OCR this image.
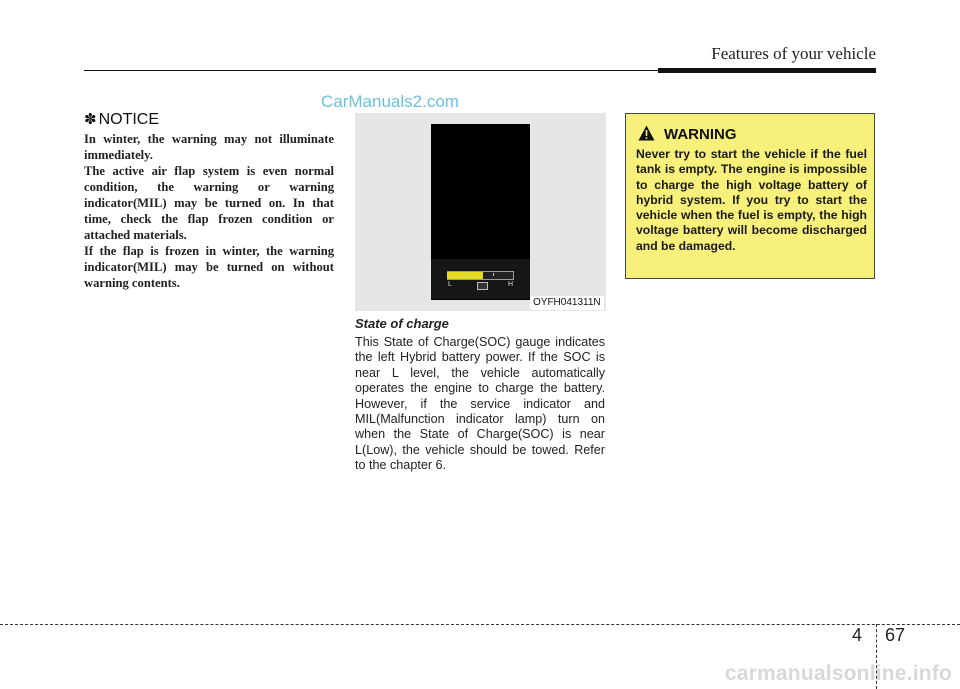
Features of your vehicle
CarManuals2.com
✽ NOTICE

In winter, the warning may not illuminate immediately.

The active air flap system is even normal condition, the warning or warning indicator(MIL) may be turned on. In that time, check the flap frozen condition or attached materials.

If the flap is frozen in winter, the warning indicator(MIL) may be turned on without warning contents.	L	H
OYFH041311N
State of charge

This State of Charge(SOC) gauge indicates the left Hybrid battery power. If the SOC is near L level, the vehicle automatically operates the engine to charge the battery. However, if the service indicator and MIL(Malfunction indicator lamp) turn on when the State of Charge(SOC) is near L(Low), the vehicle should be towed. Refer to the chapter 6.

WARNING

Never try to start the vehicle if the fuel tank is empty. The engine is impossible to charge the high voltage battery of hybrid system. If you try to start the vehicle when the fuel is empty, the high voltage battery will become discharged and be damaged.

4 67
carmanualsonline.info
